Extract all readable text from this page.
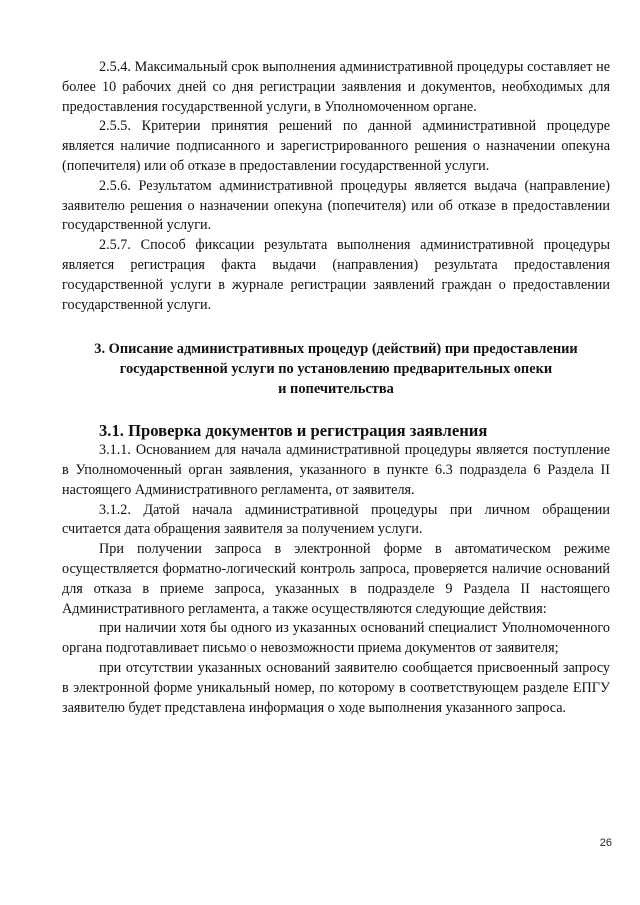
2.5.4. Максимальный срок выполнения административной процедуры составляет не более 10 рабочих дней со дня регистрации заявления и документов, необходимых для предоставления государственной услуги, в Уполномоченном органе.

2.5.5. Критерии принятия решений по данной административной процедуре является наличие подписанного и зарегистрированного решения о назначении опекуна (попечителя) или об отказе в предоставлении государственной услуги.

2.5.6. Результатом административной процедуры является выдача (направление) заявителю решения о назначении опекуна (попечителя) или об отказе в предоставлении государственной услуги.

2.5.7. Способ фиксации результата выполнения административной процедуры является регистрация факта выдачи (направления) результата предоставления государственной услуги в журнале регистрации заявлений граждан о предоставлении государственной услуги.

3. Описание административных процедур (действий) при предоставлении
государственной услуги по установлению предварительных опеки
и попечительства
3.1. Проверка документов и регистрация заявления

3.1.1. Основанием для начала административной процедуры является поступление в Уполномоченный орган заявления, указанного в пункте 6.3 подраздела 6 Раздела II настоящего Административного регламента, от заявителя.

3.1.2. Датой начала административной процедуры при личном обращении считается дата обращения заявителя за получением услуги.

При получении запроса в электронной форме в автоматическом режиме осуществляется форматно-логический контроль запроса, проверяется наличие оснований для отказа в приеме запроса, указанных в подразделе 9 Раздела II настоящего Административного регламента, а также осуществляются следующие действия:

при наличии хотя бы одного из указанных оснований специалист Уполномоченного органа подготавливает письмо о невозможности приема документов от заявителя;

при отсутствии указанных оснований заявителю сообщается присвоенный запросу в электронной форме уникальный номер, по которому в соответствующем разделе ЕПГУ заявителю будет представлена информация о ходе выполнения указанного запроса.

26
